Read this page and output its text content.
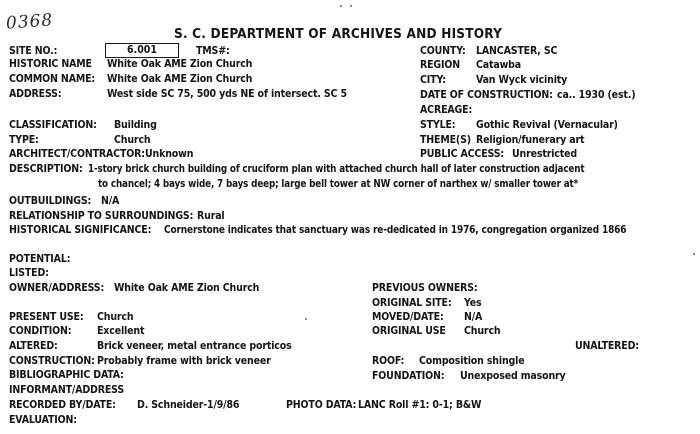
0368
S. C. DEPARTMENT OF ARCHIVES AND HISTORY
SITE NO.:	6.001	TMS#:	COUNTY: LANCASTER, SC
HISTORIC NAME White Oak AME Zion Church	REGION Catawba
COMMON NAME: White Oak AME Zion Church	CITY:	Van Wyck vicinity
ADDRESS:	West side SC 75, 500 yds NE of intersect. SC 5	DATE OF CONSTRUCTION: ca.. 1930 (est.)
ACREAGE:
CLASSIFICATION: Building	STYLE: Gothic Revival (Vernacular)
TYPE:	Church	THEME(S) Religion/funerary art
ARCHITECT/CONTRACTOR: Unknown	PUBLIC ACCESS: Unrestricted
DESCRIPTION: 1-story brick church building of cruciform plan with attached church hall of later construction adjacent
to chancel; 4 bays wide, 7 bays deep; large bell tower at NW corner of narthex w/ smaller tower at*
OUTBUILDINGS: N/A
RELATIONSHIP TO SURROUNDINGS: Rural
HISTORICAL SIGNIFICANCE: Cornerstone indicates that sanctuary was re-dedicated in 1976, congregation organized 1866
POTENTIAL:
LISTED:
OWNER/ADDRESS: White Oak AME Zion Church	PREVIOUS OWNERS:
ORIGINAL SITE: Yes
PRESENT USE: Church	MOVED/DATE: N/A
CONDITION: Excellent	ORIGINAL USE Church
ALTERED:	Brick veneer, metal entrance porticos	UNALTERED:
CONSTRUCTION: Probably frame with brick veneer	ROOF: Composition shingle
BIBLIOGRAPHIC DATA:	FOUNDATION: Unexposed masonry
INFORMANT/ADDRESS
RECORDED BY/DATE: D. Schneider-1/9/86	PHOTO DATA: LANC Roll #1: 0-1; B&W
EVALUATION:
